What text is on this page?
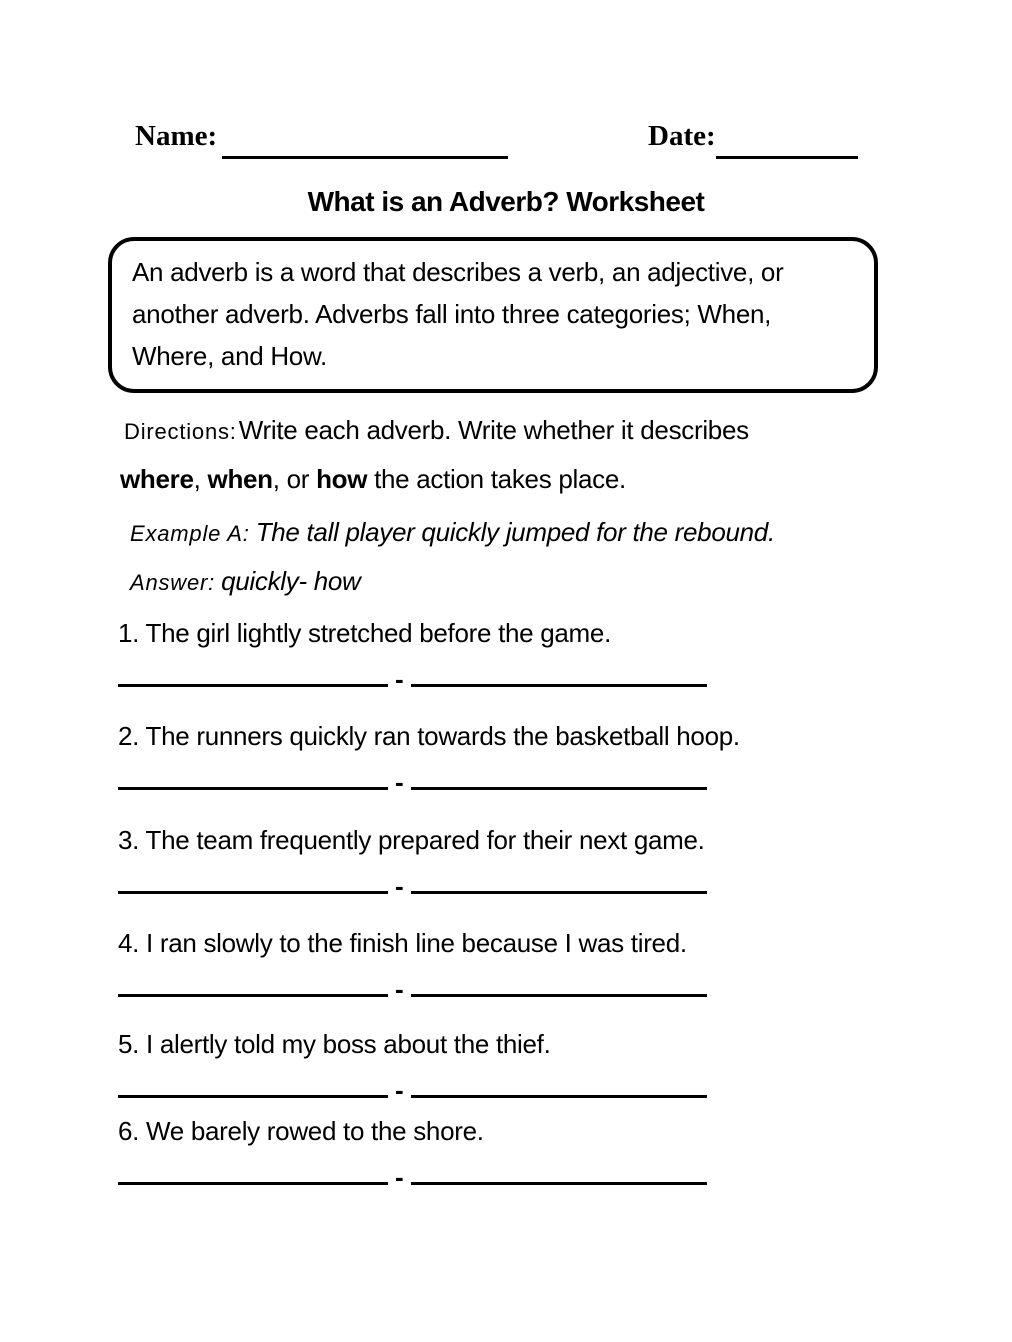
Name:	Date:
What is an Adverb? Worksheet
An adverb is a word that describes a verb, an adjective, or
another adverb. Adverbs fall into three categories; When,
Where, and How.
Directions:Write each adverb. Write whether it describes
where, when, or how the action takes place.
Example A: The tall player quickly jumped for the rebound.
Answer: quickly- how
1. The girl lightly stretched before the game.
-
2. The runners quickly ran towards the basketball hoop.
-
3. The team frequently prepared for their next game.
-
4. I ran slowly to the finish line because I was tired.
-
5. I alertly told my boss about the thief.
-
6. We barely rowed to the shore.
-
